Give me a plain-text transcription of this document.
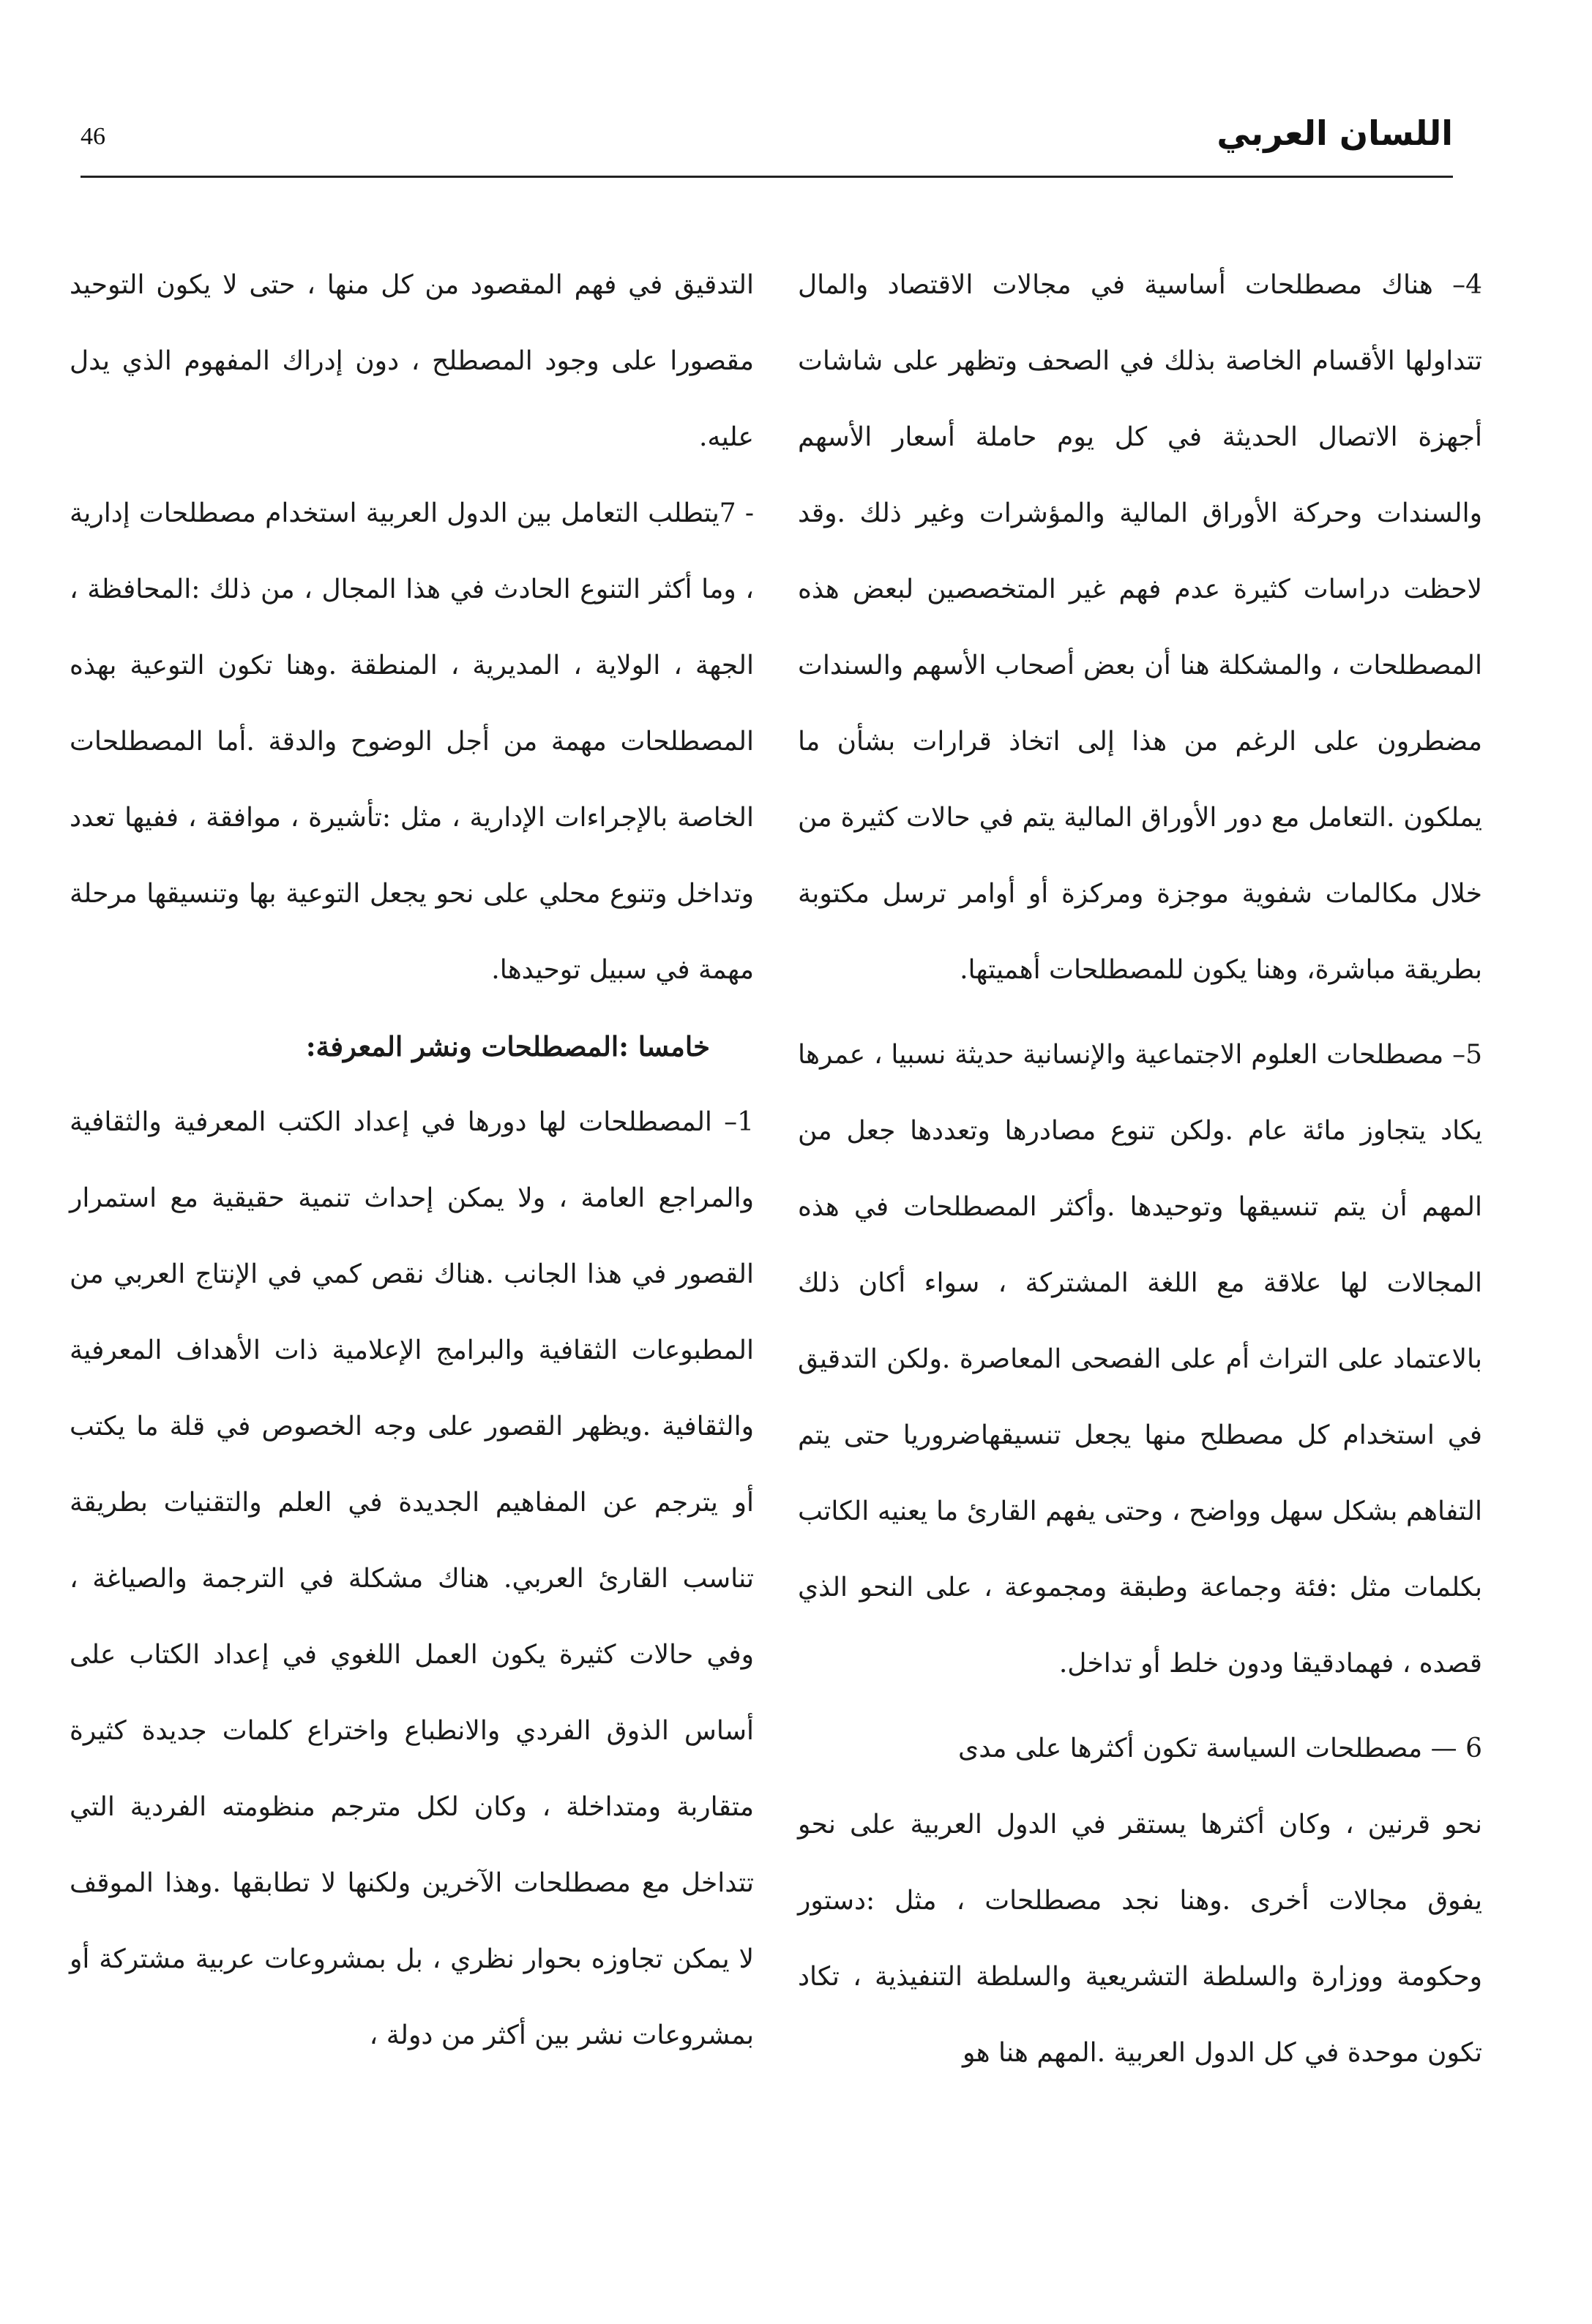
اللسان العربي
46

4– هناك مصطلحات أساسية في مجالات الاقتصاد والمال تتداولها الأقسام الخاصة بذلك في الصحف وتظهر على شاشات أجهزة الاتصال الحديثة في كل يوم حاملة أسعار الأسهم والسندات وحركة الأوراق المالية والمؤشرات وغير ذلك .وقد لاحظت دراسات كثيرة عدم فهم غير المتخصصين لبعض هذه المصطلحات ، والمشكلة هنا أن بعض أصحاب الأسهم والسندات مضطرون على الرغم من هذا إلى اتخاذ قرارات بشأن ما يملكون .التعامل مع دور الأوراق المالية يتم في حالات كثيرة من خلال مكالمات شفوية موجزة ومركزة أو أوامر ترسل مكتوبة بطريقة مباشرة، وهنا يكون للمصطلحات أهميتها.

5– مصطلحات العلوم الاجتماعية والإنسانية حديثة نسبيا ، عمرها يكاد يتجاوز مائة عام .ولكن تنوع مصادرها وتعددها جعل من المهم أن يتم تنسيقها وتوحيدها .وأكثر المصطلحات في هذه المجالات لها علاقة مع اللغة المشتركة ، سواء أكان ذلك بالاعتماد على التراث أم على الفصحى المعاصرة .ولكن التدقيق في استخدام كل مصطلح منها يجعل تنسيقهاضروريا حتى يتم التفاهم بشكل سهل وواضح ، وحتى يفهم القارئ ما يعنيه الكاتب بكلمات مثل :فئة وجماعة وطبقة ومجموعة ، على النحو الذي قصده ، فهمادقيقا ودون خلط أو تداخل.

6 — مصطلحات السياسة تكون أكثرها على مدى

نحو قرنين ، وكان أكثرها يستقر في الدول العربية على نحو يفوق مجالات أخرى .وهنا نجد مصطلحات ، مثل :دستور وحكومة ووزارة والسلطة التشريعية والسلطة التنفيذية ، تكاد تكون موحدة في كل الدول العربية .المهم هنا هو

التدقيق في فهم المقصود من كل منها ، حتى لا يكون التوحيد مقصورا على وجود المصطلح ، دون إدراك المفهوم الذي يدل عليه.

- 7يتطلب التعامل بين الدول العربية استخدام مصطلحات إدارية ، وما أكثر التنوع الحادث في هذا المجال ، من ذلك :المحافظة ، الجهة ، الولاية ، المديرية ، المنطقة .وهنا تكون التوعية بهذه المصطلحات مهمة من أجل الوضوح والدقة .أما المصطلحات الخاصة بالإجراءات الإدارية ، مثل :تأشيرة ، موافقة ، ففيها تعدد وتداخل وتنوع محلي على نحو يجعل التوعية بها وتنسيقها مرحلة مهمة في سبيل توحيدها.

خامسا :المصطلحات ونشر المعرفة:

1– المصطلحات لها دورها في إعداد الكتب المعرفية والثقافية والمراجع العامة ، ولا يمكن إحداث تنمية حقيقية مع استمرار القصور في هذا الجانب .هناك نقص كمي في الإنتاج العربي من المطبوعات الثقافية والبرامج الإعلامية ذات الأهداف المعرفية والثقافية .ويظهر القصور على وجه الخصوص في قلة ما يكتب أو يترجم عن المفاهيم الجديدة في العلم والتقنيات بطريقة تناسب القارئ العربي. هناك مشكلة في الترجمة والصياغة ، وفي حالات كثيرة يكون العمل اللغوي في إعداد الكتاب على أساس الذوق الفردي والانطباع واختراع كلمات جديدة كثيرة متقاربة ومتداخلة ، وكان لكل مترجم منظومته الفردية التي تتداخل مع مصطلحات الآخرين ولكنها لا تطابقها .وهذا الموقف لا يمكن تجاوزه بحوار نظري ، بل بمشروعات عربية مشتركة أو بمشروعات نشر بين أكثر من دولة ،
